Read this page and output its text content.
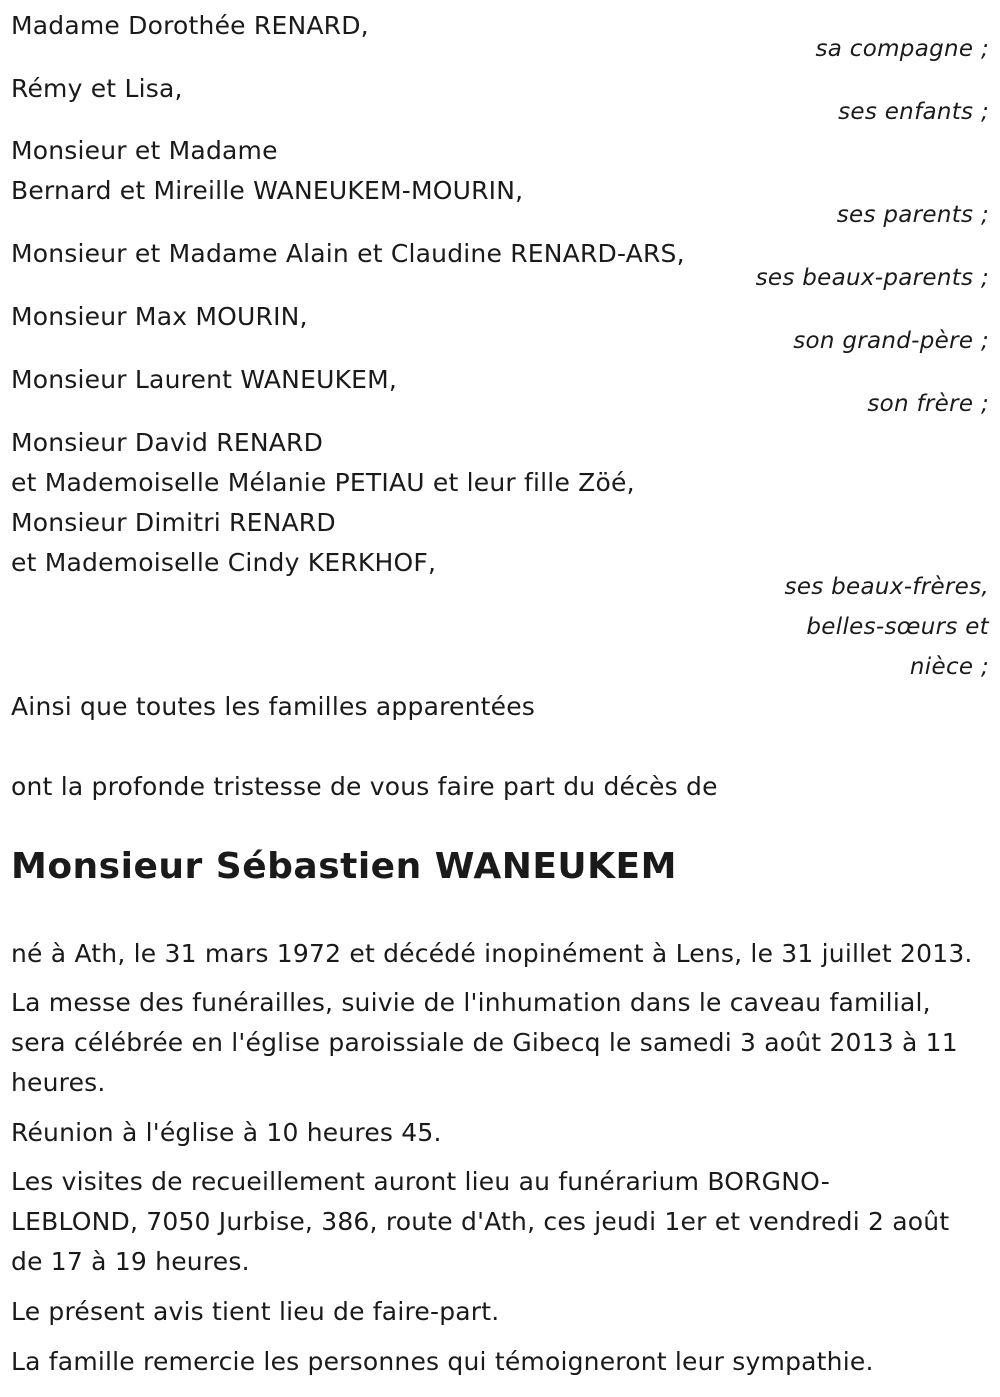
Madame Dorothée RENARD,
sa compagne ;
Rémy et Lisa,
ses enfants ;
Monsieur et Madame
Bernard et Mireille WANEUKEM-MOURIN,
ses parents ;
Monsieur et Madame Alain et Claudine RENARD-ARS,
ses beaux-parents ;
Monsieur Max MOURIN,
son grand-père ;
Monsieur Laurent WANEUKEM,
son frère ;
Monsieur David RENARD
et Mademoiselle Mélanie PETIAU et leur fille Zöé,
Monsieur Dimitri RENARD
et Mademoiselle Cindy KERKHOF,
ses beaux-frères,
belles-sœurs et
nièce ;
Ainsi que toutes les familles apparentées
ont la profonde tristesse de vous faire part du décès de
Monsieur Sébastien WANEUKEM
né à Ath, le 31 mars 1972 et décédé inopinément à Lens, le 31 juillet 2013.
La messe des funérailles, suivie de l'inhumation dans le caveau familial,
sera célébrée en l'église paroissiale de Gibecq le samedi 3 août 2013 à 11
heures.
Réunion à l'église à 10 heures 45.
Les visites de recueillement auront lieu au funérarium BORGNO-
LEBLOND, 7050 Jurbise, 386, route d'Ath, ces jeudi 1er et vendredi 2 août
de 17 à 19 heures.
Le présent avis tient lieu de faire-part.
La famille remercie les personnes qui témoigneront leur sympathie.
